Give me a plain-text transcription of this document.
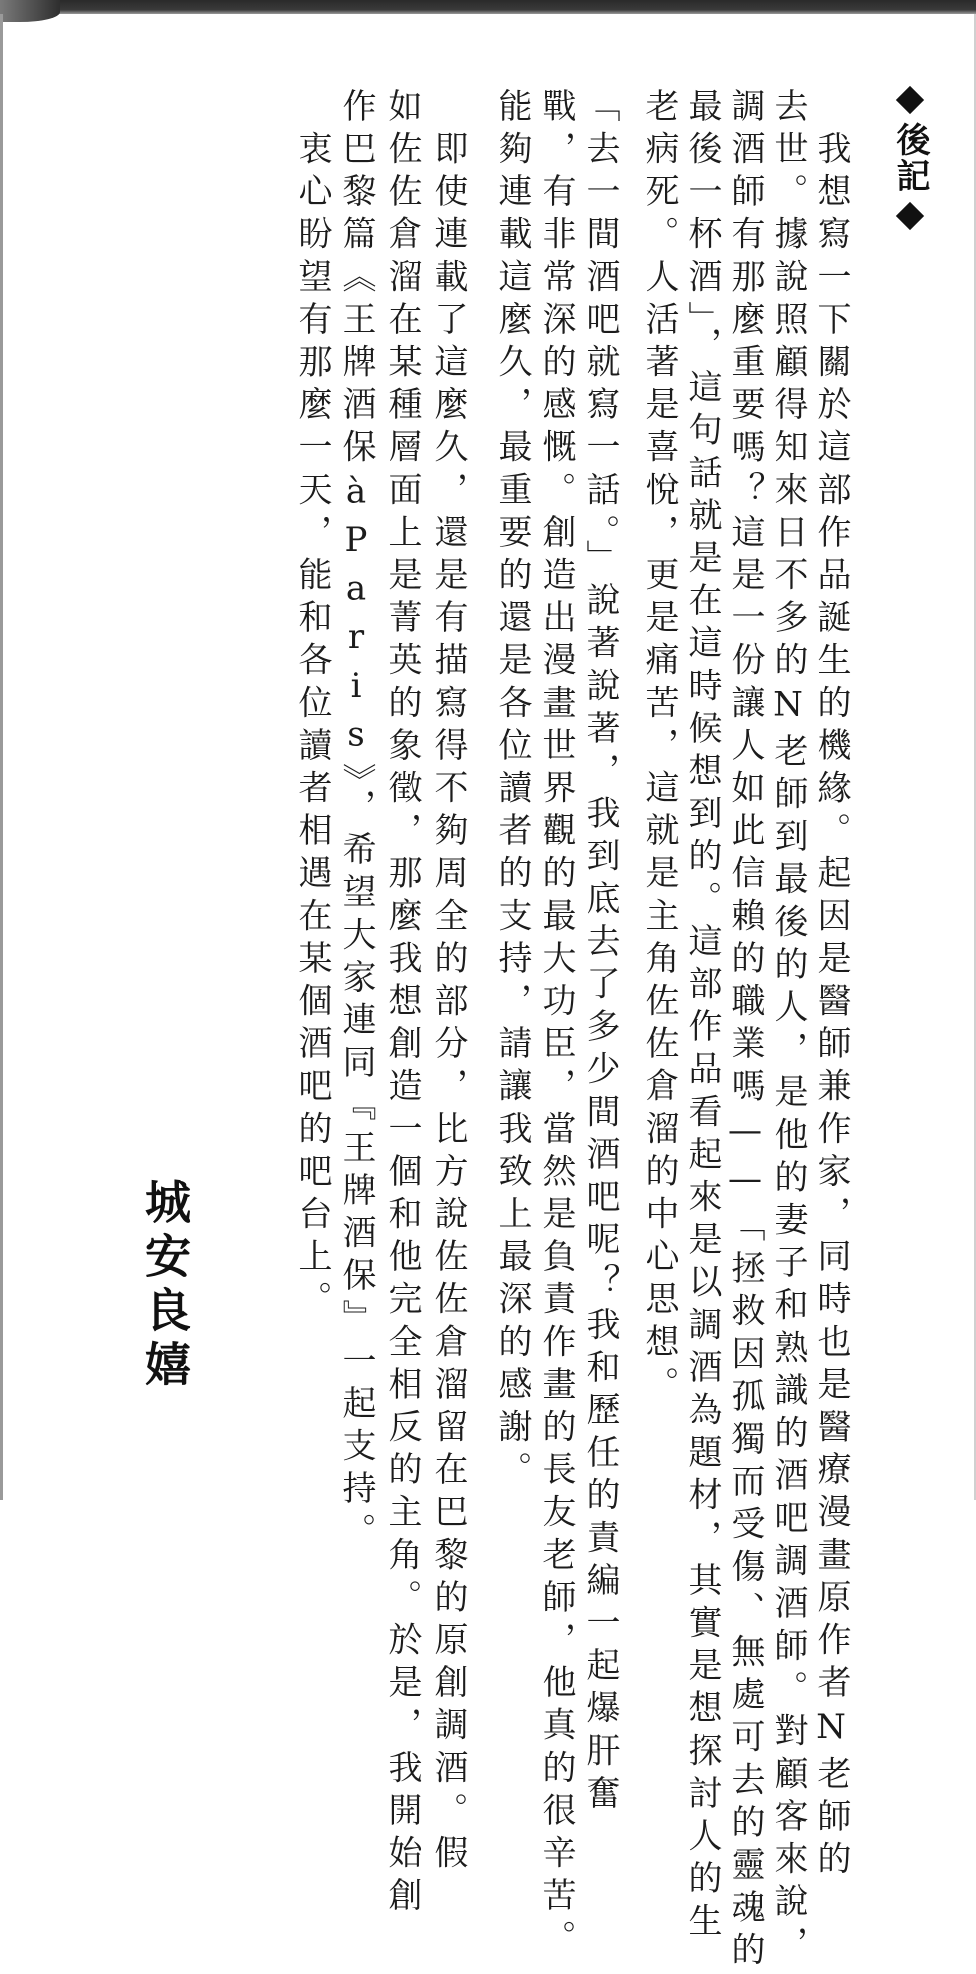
後記
　我想寫一下關於這部作品誕生的機緣。起因是醫師兼作家，同時也是醫療漫畫原作者N老師的
去世。據說照顧得知來日不多的N老師到最後的人，是他的妻子和熟識的酒吧調酒師。對顧客來說，
調酒師有那麼重要嗎？這是一份讓人如此信賴的職業嗎——「拯救因孤獨而受傷、無處可去的靈魂的
最後一杯酒」，這句話就是在這時候想到的。這部作品看起來是以調酒為題材，其實是想探討人的生
老病死。人活著是喜悅，更是痛苦，這就是主角佐佐倉溜的中心思想。
「去一間酒吧就寫一話。」說著說著，我到底去了多少間酒吧呢？我和歷任的責編一起爆肝奮
戰，有非常深的感慨。創造出漫畫世界觀的最大功臣，當然是負責作畫的長友老師，他真的很辛苦。
能夠連載這麼久，最重要的還是各位讀者的支持，請讓我致上最深的感謝。
　即使連載了這麼久，還是有描寫得不夠周全的部分，比方說佐佐倉溜留在巴黎的原創調酒。假
如佐佐倉溜在某種層面上是菁英的象徵，那麼我想創造一個和他完全相反的主角。於是，我開始創
作巴黎篇《王牌酒保àParis》，希望大家連同『王牌酒保』一起支持。
　衷心盼望有那麼一天，能和各位讀者相遇在某個酒吧的吧台上。
城安良嬉
